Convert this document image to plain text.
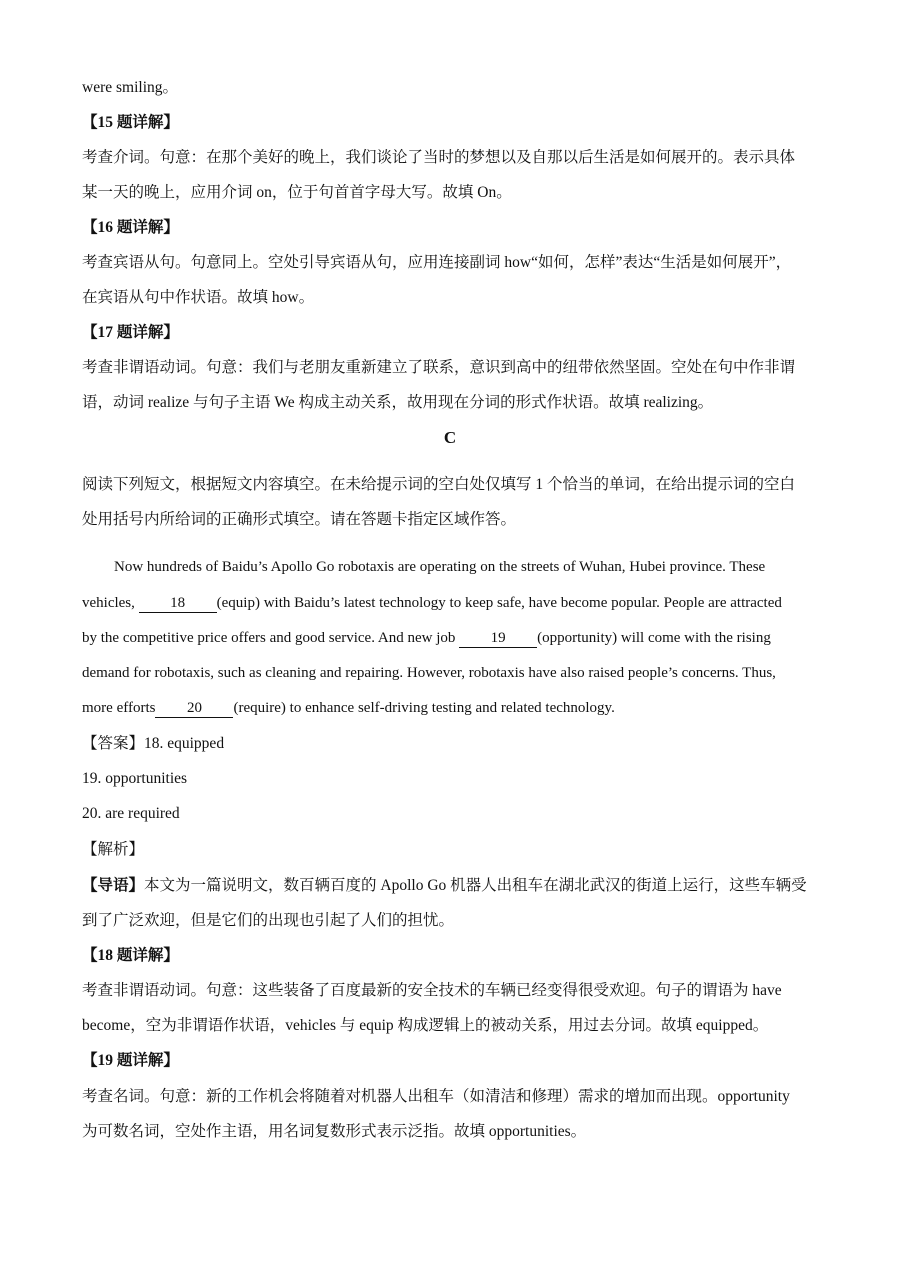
were smiling。
【15 题详解】
考查介词。句意：在那个美好的晚上，我们谈论了当时的梦想以及自那以后生活是如何展开的。表示具体
某一天的晚上，应用介词 on，位于句首首字母大写。故填 On。
【16 题详解】
考查宾语从句。句意同上。空处引导宾语从句，应用连接副词 how“如何，怎样”表达“生活是如何展开”，
在宾语从句中作状语。故填 how。
【17 题详解】
考查非谓语动词。句意：我们与老朋友重新建立了联系，意识到高中的纽带依然坚固。空处在句中作非谓
语，动词 realize 与句子主语 We 构成主动关系，故用现在分词的形式作状语。故填 realizing。
C
阅读下列短文，根据短文内容填空。在未给提示词的空白处仅填写 1 个恰当的单词，在给出提示词的空白
处用括号内所给词的正确形式填空。请在答题卡指定区域作答。
Now hundreds of Baidu’s Apollo Go robotaxis are operating on the streets of Wuhan, Hubei province. These
vehicles, 18 (equip) with Baidu’s latest technology to keep safe, have become popular. People are attracted
by the competitive price offers and good service. And new job 19 (opportunity) will come with the rising
demand for robotaxis, such as cleaning and repairing. However, robotaxis have also raised people’s concerns. Thus,
more efforts 20 (require) to enhance self-driving testing and related technology.
【答案】18. equipped
19. opportunities
20. are required
【解析】
【导语】本文为一篇说明文，数百辆百度的 Apollo Go 机器人出租车在湖北武汉的街道上运行，这些车辆受
到了广泛欢迎，但是它们的出现也引起了人们的担忧。
【18 题详解】
考查非谓语动词。句意：这些装备了百度最新的安全技术的车辆已经变得很受欢迎。句子的谓语为 have
become，空为非谓语作状语，vehicles 与 equip 构成逻辑上的被动关系，用过去分词。故填 equipped。
【19 题详解】
考查名词。句意：新的工作机会将随着对机器人出租车（如清洁和修理）需求的增加而出现。opportunity
为可数名词，空处作主语，用名词复数形式表示泛指。故填 opportunities。
